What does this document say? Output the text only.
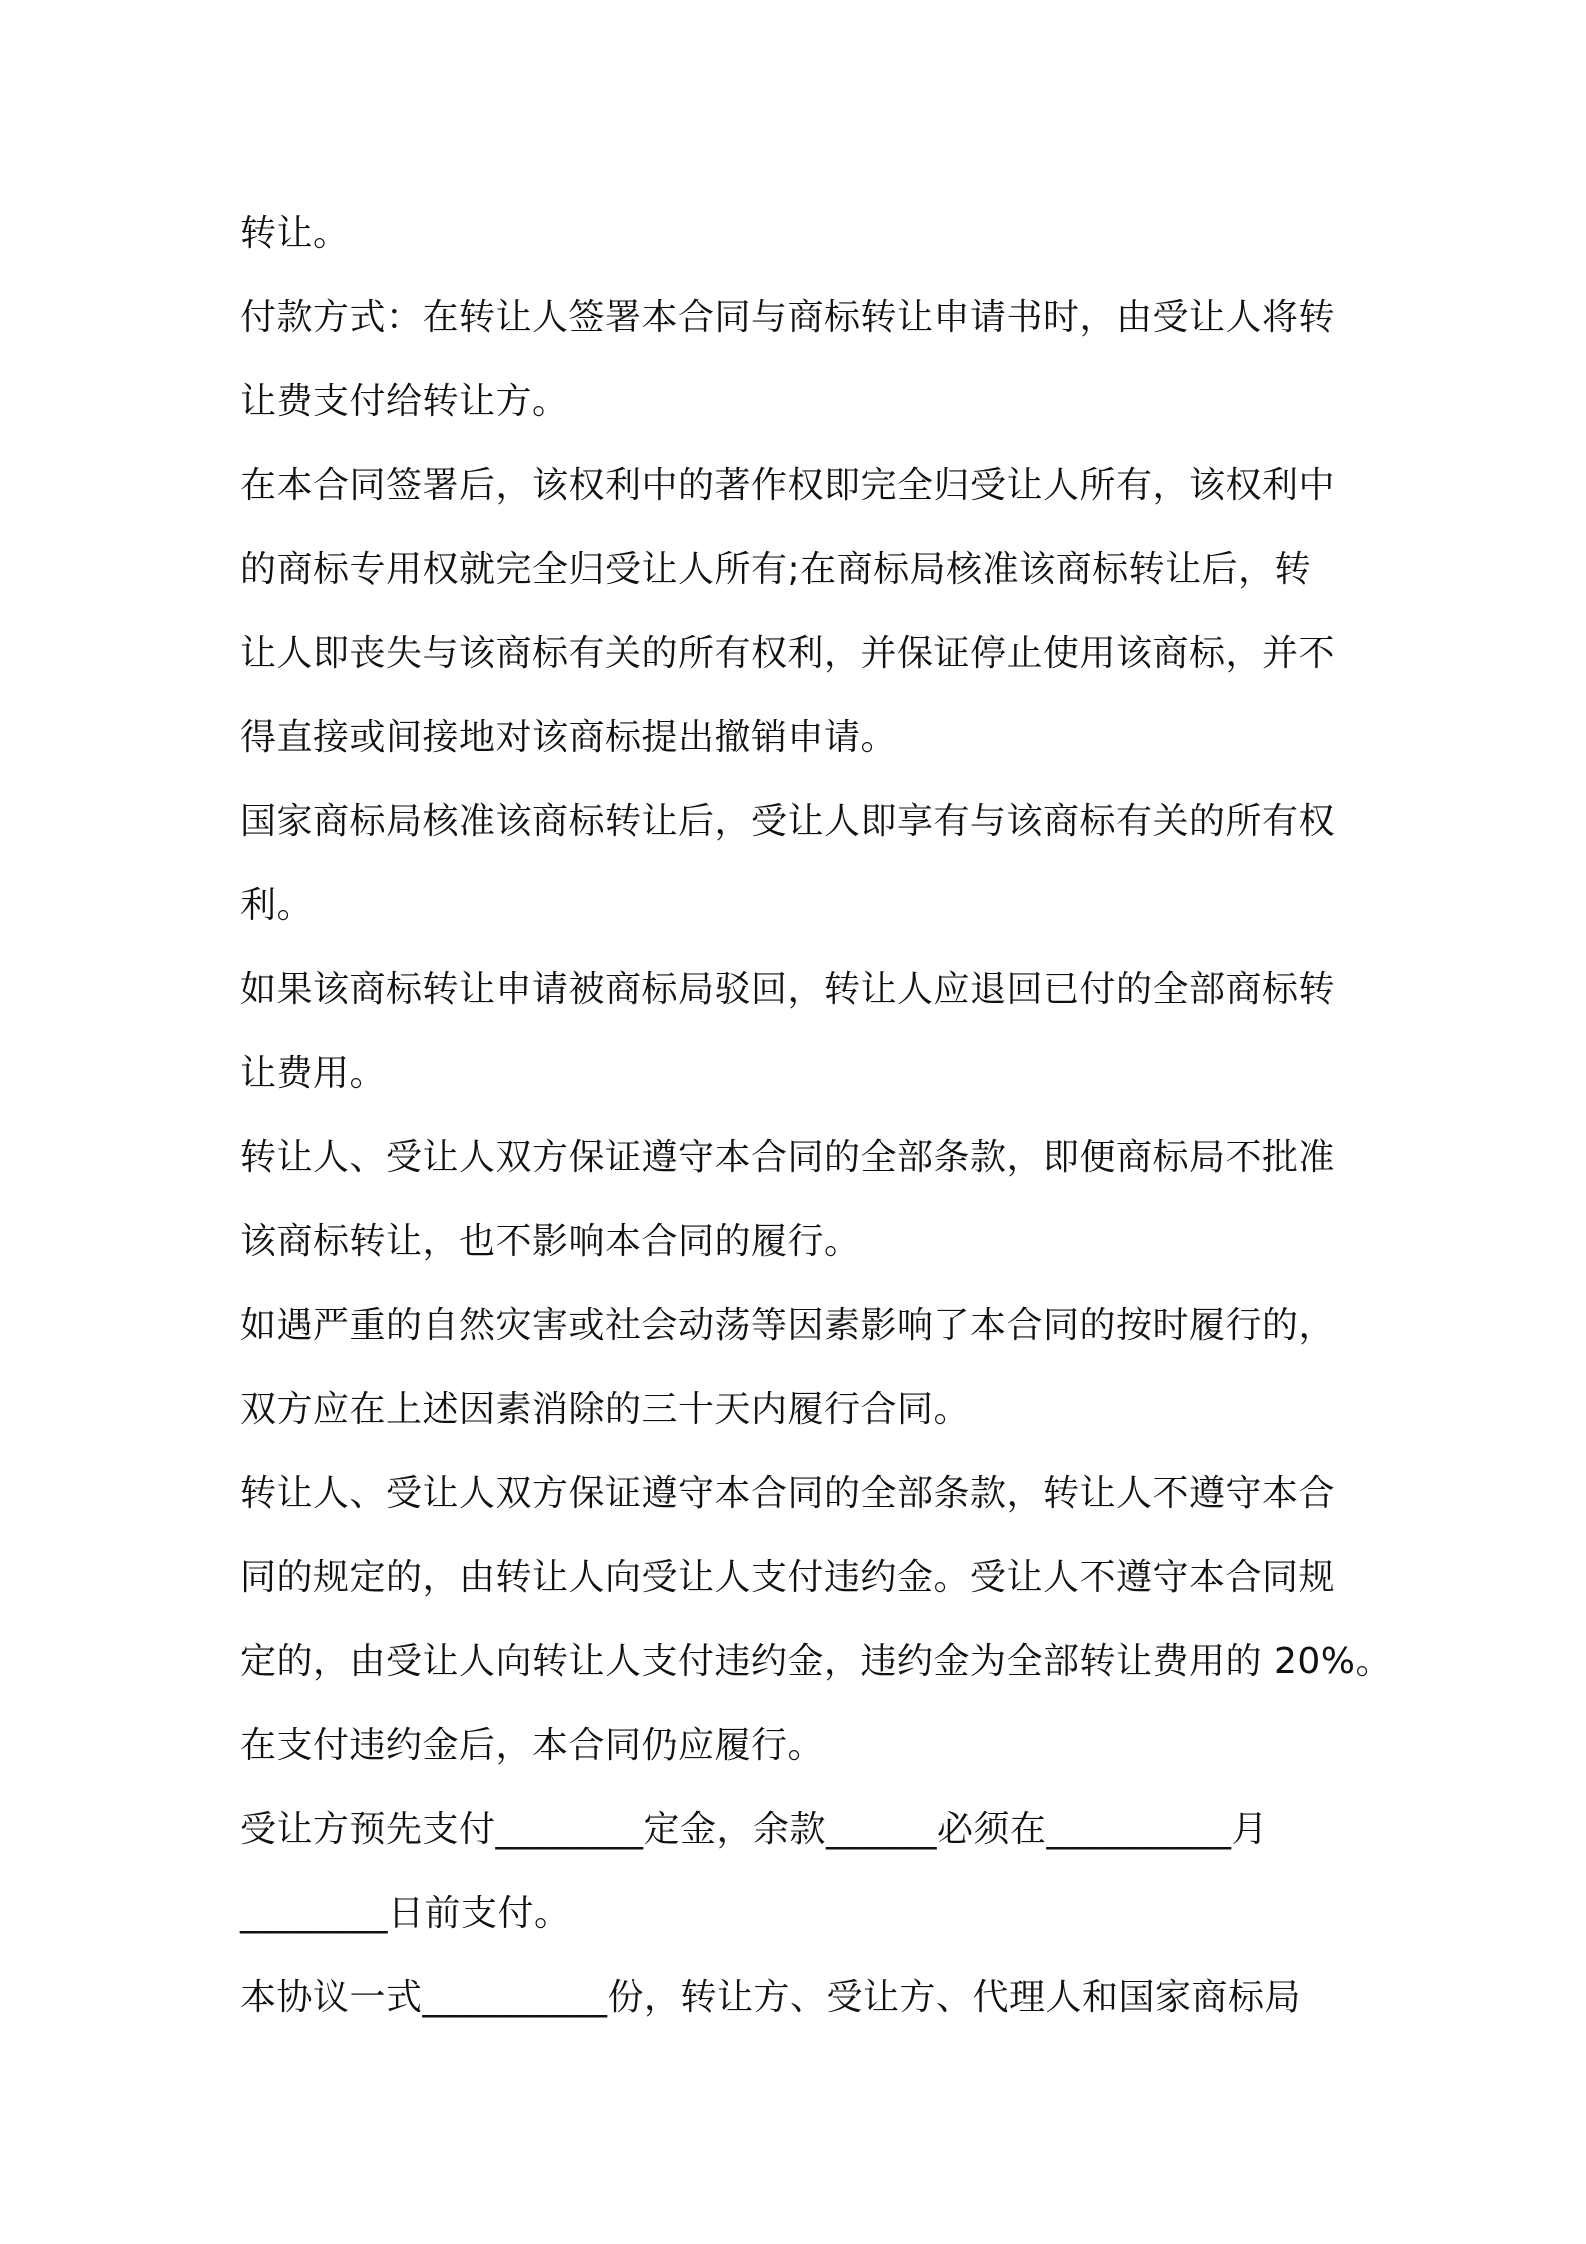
转让。
付款方式：在转让人签署本合同与商标转让申请书时，由受让人将转
让费支付给转让方。
在本合同签署后，该权利中的著作权即完全归受让人所有，该权利中
的商标专用权就完全归受让人所有;在商标局核准该商标转让后，转
让人即丧失与该商标有关的所有权利，并保证停止使用该商标，并不
得直接或间接地对该商标提出撤销申请。
国家商标局核准该商标转让后，受让人即享有与该商标有关的所有权
利。
如果该商标转让申请被商标局驳回，转让人应退回已付的全部商标转
让费用。
转让人、受让人双方保证遵守本合同的全部条款，即便商标局不批准
该商标转让，也不影响本合同的履行。
如遇严重的自然灾害或社会动荡等因素影响了本合同的按时履行的，
双方应在上述因素消除的三十天内履行合同。
转让人、受让人双方保证遵守本合同的全部条款，转让人不遵守本合
同的规定的，由转让人向受让人支付违约金。受让人不遵守本合同规
定的，由受让人向转让人支付违约金，违约金为全部转让费用的 20%。
在支付违约金后，本合同仍应履行。
受让方预先支付________定金，余款______必须在__________月
________日前支付。
本协议一式__________份，转让方、受让方、代理人和国家商标局
